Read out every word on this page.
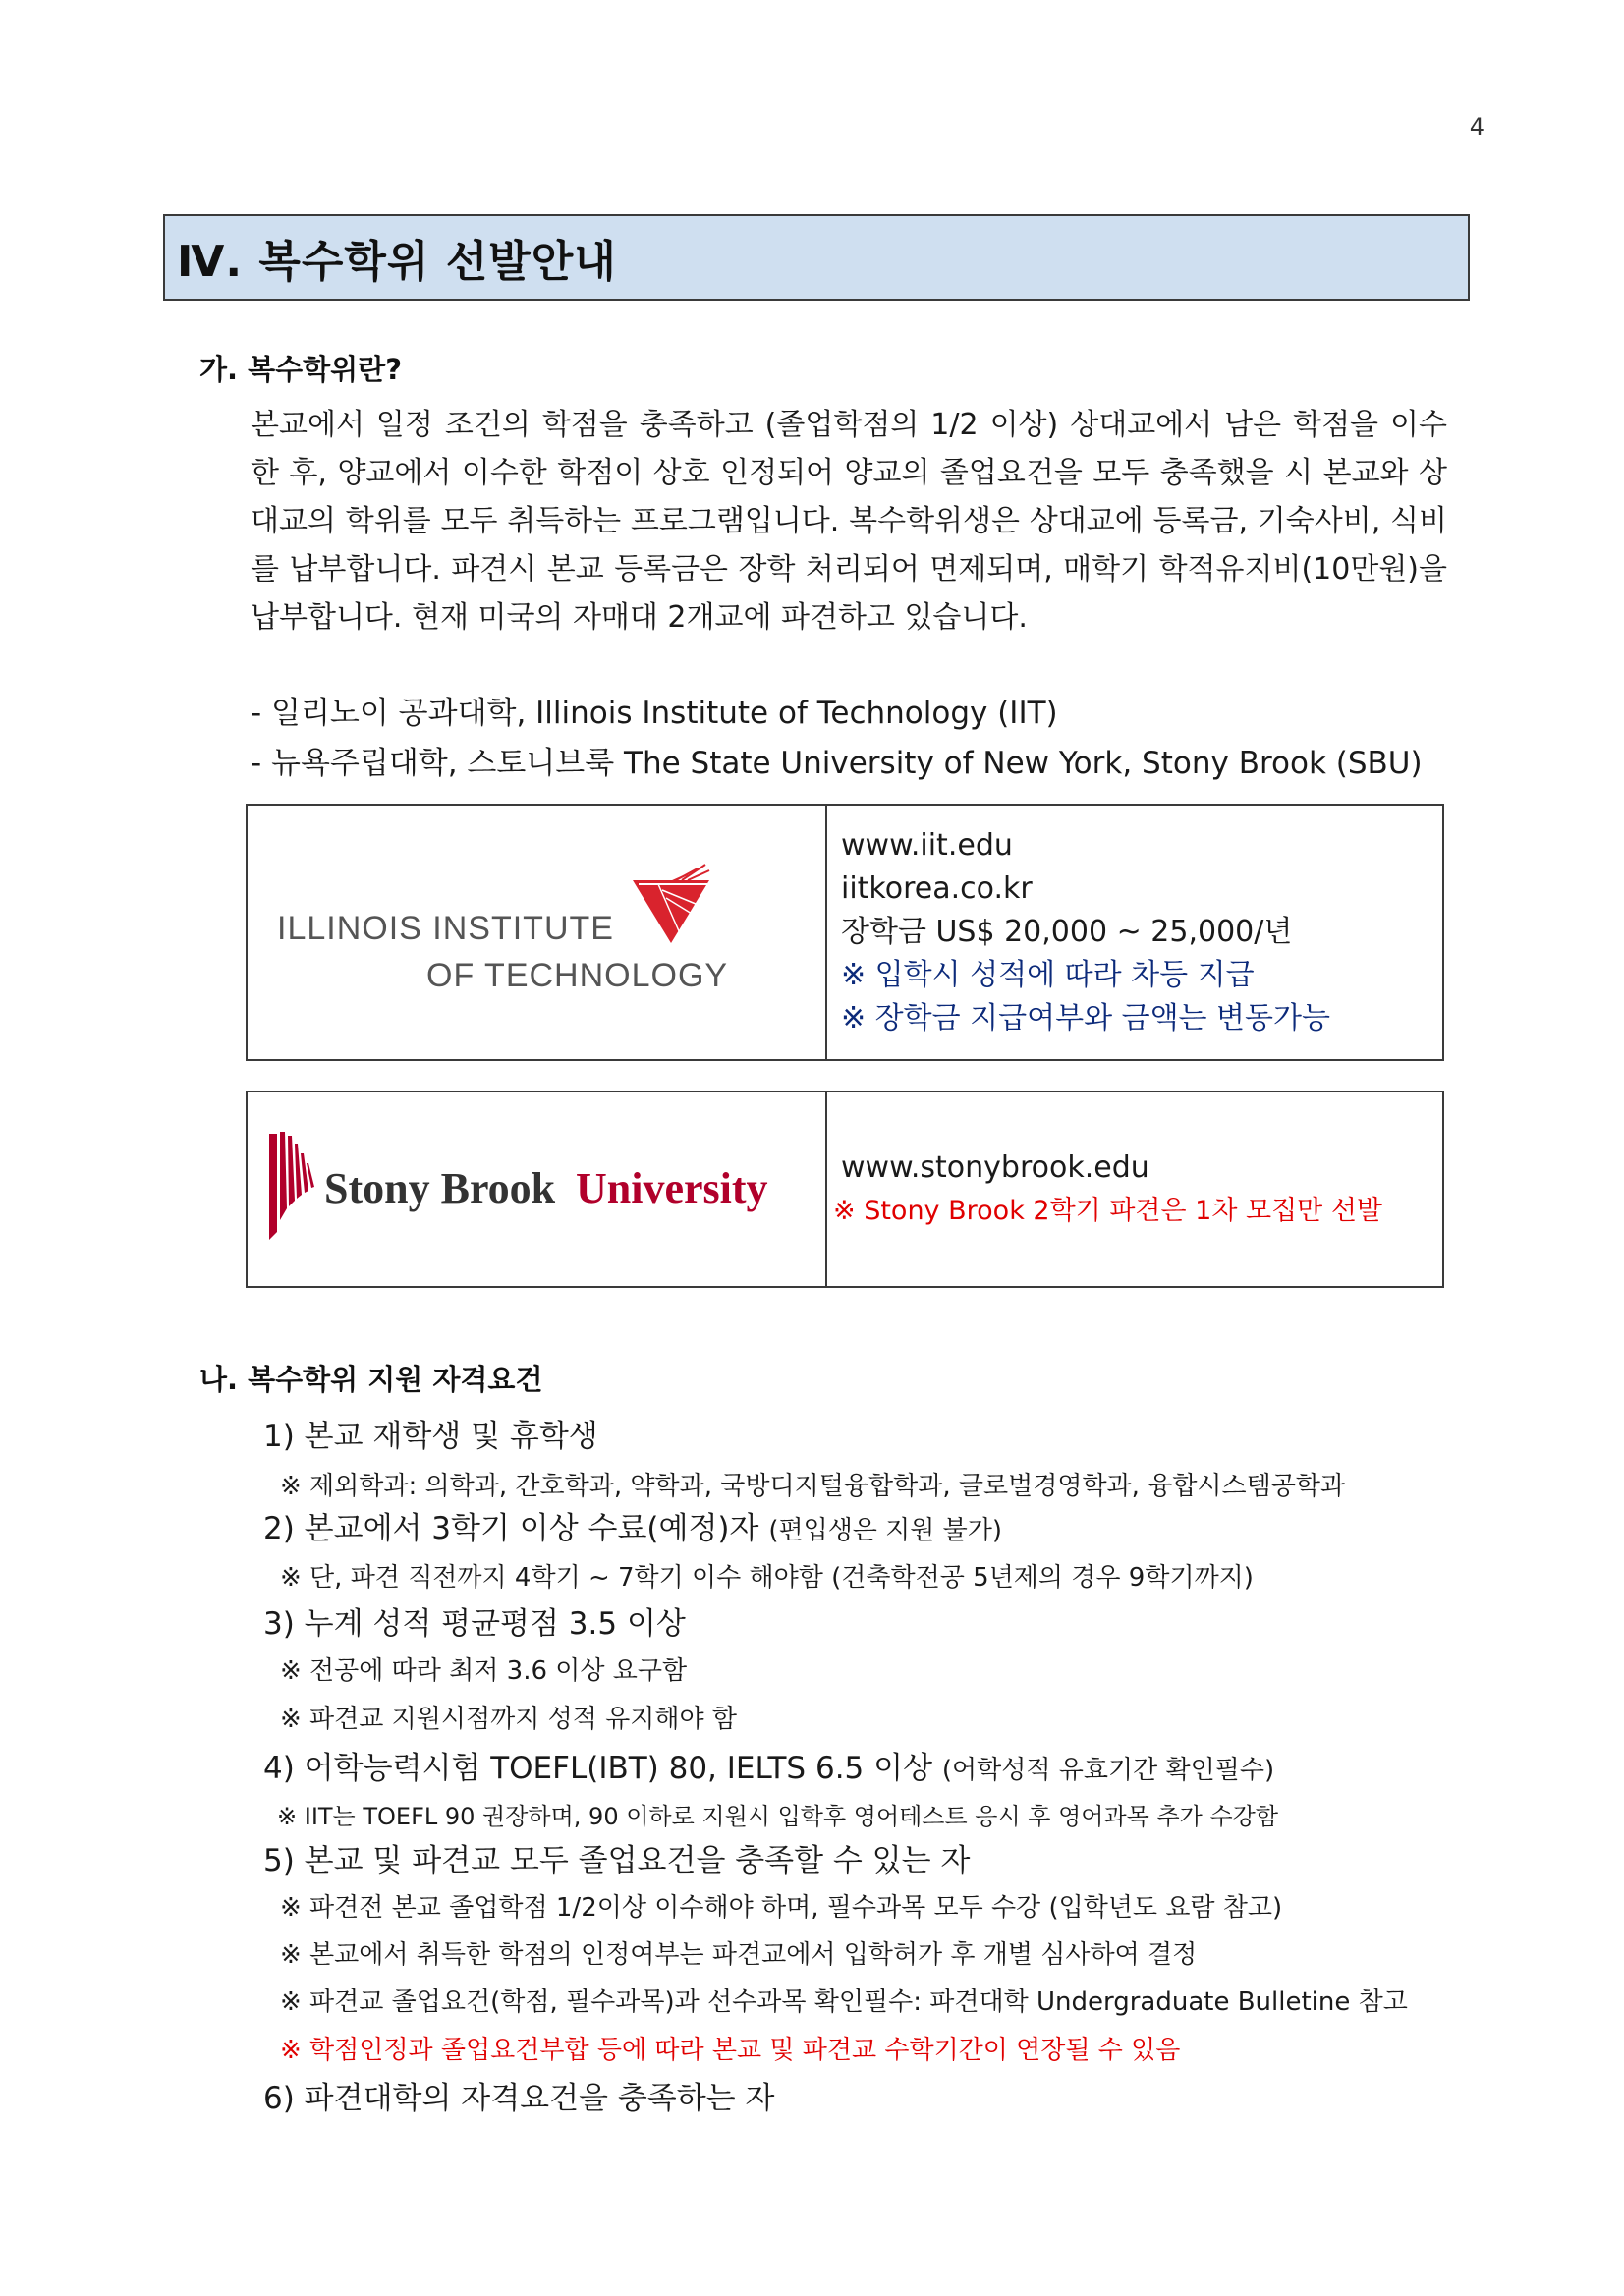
4
Ⅳ. 복수학위 선발안내
가. 복수학위란?

본교에서 일정 조건의 학점을 충족하고 (졸업학점의 1/2 이상) 상대교에서 남은 학점을 이수한 후, 양교에서 이수한 학점이 상호 인정되어 양교의 졸업요건을 모두 충족했을 시 본교와 상대교의 학위를 모두 취득하는 프로그램입니다. 복수학위생은 상대교에 등록금, 기숙사비, 식비를 납부합니다. 파견시 본교 등록금은 장학 처리되어 면제되며, 매학기 학적유지비(10만원)을 납부합니다. 현재 미국의 자매대 2개교에 파견하고 있습니다.

- 일리노이 공과대학, Illinois Institute of Technology (IIT)

- 뉴욕주립대학, 스토니브룩 The State University of New York, Stony Brook (SBU)

ILLINOIS INSTITUTE
OF TECHNOLOGY

www.iit.edu

iitkorea.co.kr

장학금 US$ 20,000 ~ 25,000/년

※ 입학시 성적에 따라 차등 지급

※ 장학금 지급여부와 금액는 변동가능

Stony Brook University	www.stonybrook.edu

※ Stony Brook 2학기 파견은 1차 모집만 선발

나. 복수학위 지원 자격요건

1) 본교 재학생 및 휴학생

※ 제외학과: 의학과, 간호학과, 약학과, 국방디지털융합학과, 글로벌경영학과, 융합시스템공학과

2) 본교에서 3학기 이상 수료(예정)자 (편입생은 지원 불가)

※ 단, 파견 직전까지 4학기 ~ 7학기 이수 해야함 (건축학전공 5년제의 경우 9학기까지)

3) 누계 성적 평균평점 3.5 이상

※ 전공에 따라 최저 3.6 이상 요구함

※ 파견교 지원시점까지 성적 유지해야 함

4) 어학능력시험 TOEFL(IBT) 80, IELTS 6.5 이상 (어학성적 유효기간 확인필수)

※ IIT는 TOEFL 90 권장하며, 90 이하로 지원시 입학후 영어테스트 응시 후 영어과목 추가 수강함

5) 본교 및 파견교 모두 졸업요건을 충족할 수 있는 자

※ 파견전 본교 졸업학점 1/2이상 이수해야 하며, 필수과목 모두 수강 (입학년도 요람 참고)

※ 본교에서 취득한 학점의 인정여부는 파견교에서 입학허가 후 개별 심사하여 결정

※ 파견교 졸업요건(학점, 필수과목)과 선수과목 확인필수: 파견대학 Undergraduate Bulletine 참고

※ 학점인정과 졸업요건부합 등에 따라 본교 및 파견교 수학기간이 연장될 수 있음

6) 파견대학의 자격요건을 충족하는 자
